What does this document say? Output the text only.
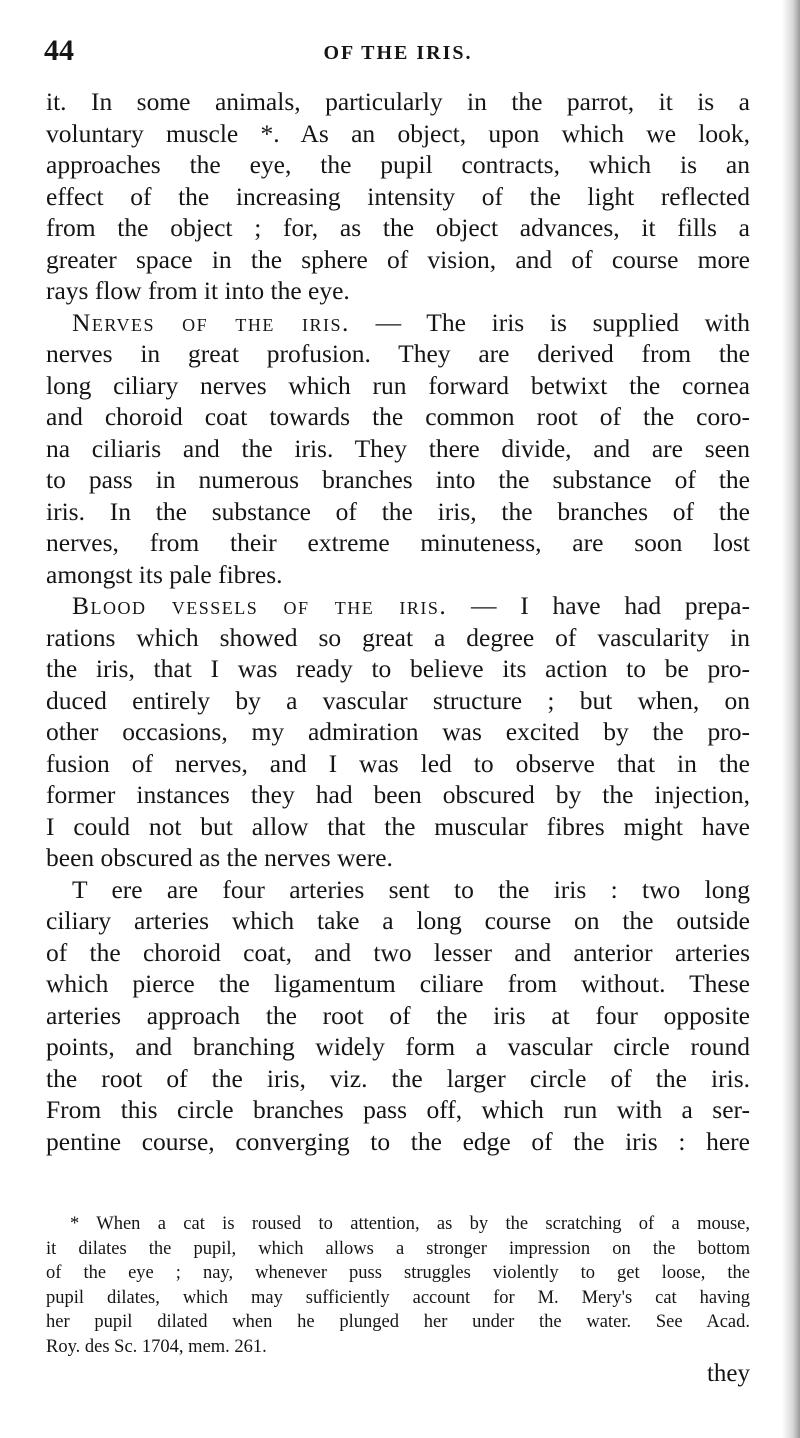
44	OF THE IRIS.
it. In some animals, particularly in the parrot, it is a
voluntary muscle *. As an object, upon which we look,
approaches the eye, the pupil contracts, which is an
effect of the increasing intensity of the light reflected
from the object ; for, as the object advances, it fills a
greater space in the sphere of vision, and of course more
rays flow from it into the eye.
Nerves of the iris. — The iris is supplied with
nerves in great profusion. They are derived from the
long ciliary nerves which run forward betwixt the cornea
and choroid coat towards the common root of the coro-
na ciliaris and the iris. They there divide, and are seen
to pass in numerous branches into the substance of the
iris. In the substance of the iris, the branches of the
nerves, from their extreme minuteness, are soon lost
amongst its pale fibres.
Blood vessels of the iris. — I have had prepa-
rations which showed so great a degree of vascularity in
the iris, that I was ready to believe its action to be pro-
duced entirely by a vascular structure ; but when, on
other occasions, my admiration was excited by the pro-
fusion of nerves, and I was led to observe that in the
former instances they had been obscured by the injection,
I could not but allow that the muscular fibres might have
been obscured as the nerves were.
T ere are four arteries sent to the iris : two long
ciliary arteries which take a long course on the outside
of the choroid coat, and two lesser and anterior arteries
which pierce the ligamentum ciliare from without. These
arteries approach the root of the iris at four opposite
points, and branching widely form a vascular circle round
the root of the iris, viz. the larger circle of the iris.
From this circle branches pass off, which run with a ser-
pentine course, converging to the edge of the iris : here
* When a cat is roused to attention, as by the scratching of a mouse,
it dilates the pupil, which allows a stronger impression on the bottom
of the eye ; nay, whenever puss struggles violently to get loose, the
pupil dilates, which may sufficiently account for M. Mery's cat having
her pupil dilated when he plunged her under the water. See Acad.
Roy. des Sc. 1704, mem. 261.
they
